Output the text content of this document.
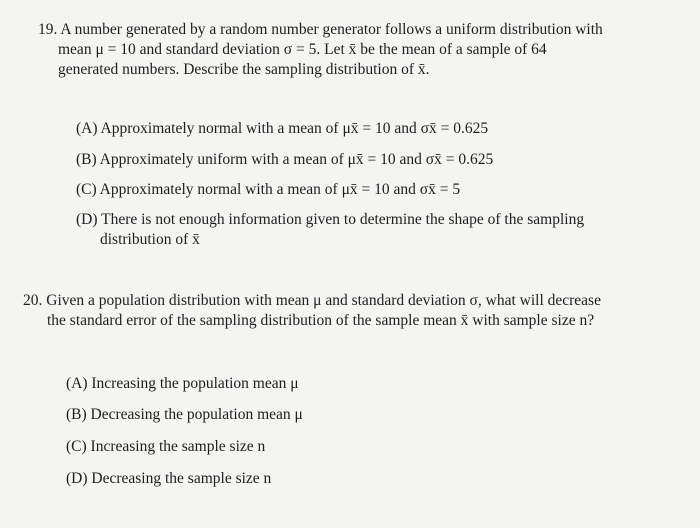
19. A number generated by a random number generator follows a uniform distribution with
mean μ = 10 and standard deviation σ = 5. Let x̄ be the mean of a sample of 64
generated numbers. Describe the sampling distribution of x̄.
(A) Approximately normal with a mean of μx̄ = 10 and σx̄ = 0.625
(B) Approximately uniform with a mean of μx̄ = 10 and σx̄ = 0.625
(C) Approximately normal with a mean of μx̄ = 10 and σx̄ = 5
(D) There is not enough information given to determine the shape of the sampling
distribution of x̄
20. Given a population distribution with mean μ and standard deviation σ, what will decrease
the standard error of the sampling distribution of the sample mean x̄ with sample size n?
(A) Increasing the population mean μ
(B) Decreasing the population mean μ
(C) Increasing the sample size n
(D) Decreasing the sample size n
